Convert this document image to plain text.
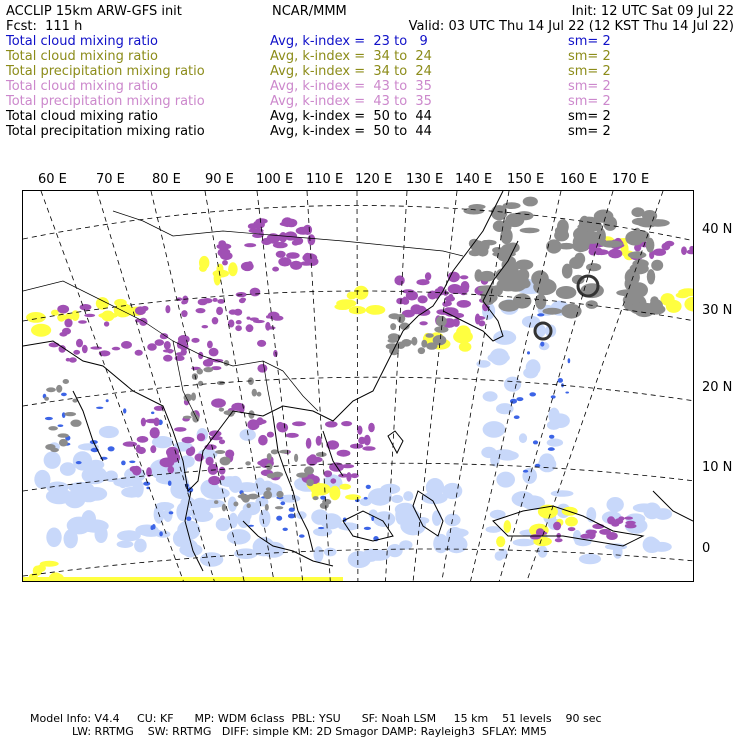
ACCLIP 15km ARW-GFS init	NCAR/MMM	Init: 12 UTC Sat 09 Jul 22
Fcst:  111 h	Valid: 03 UTC Thu 14 Jul 22 (12 KST Thu 14 Jul 22)
Total cloud mixing ratio	Avg, k-index =  23 to   9	sm= 2
Total cloud mixing ratio	Avg, k-index =  34 to  24	sm= 2
Total precipitation mixing ratio	Avg, k-index =  34 to  24	sm= 2
Total cloud mixing ratio	Avg, k-index =  43 to  35	sm= 2
Total precipitation mixing ratio	Avg, k-index =  43 to  35	sm= 2
Total cloud mixing ratio	Avg, k-index =  50 to  44	sm= 2
Total precipitation mixing ratio	Avg, k-index =  50 to  44	sm= 2
60 E 70 E 80 E 90 E 100 E 110 E 120 E 130 E 140 E 150 E 160 E 170 E
40 N
30 N
20 N
10 N
0
Model Info: V4.4     CU: KF      MP: WDM 6class  PBL: YSU      SF: Noah LSM     15 km    51 levels    90 sec
LW: RRTMG    SW: RRTMG   DIFF: simple KM: 2D Smagor DAMP: Rayleigh3  SFLAY: MM5
